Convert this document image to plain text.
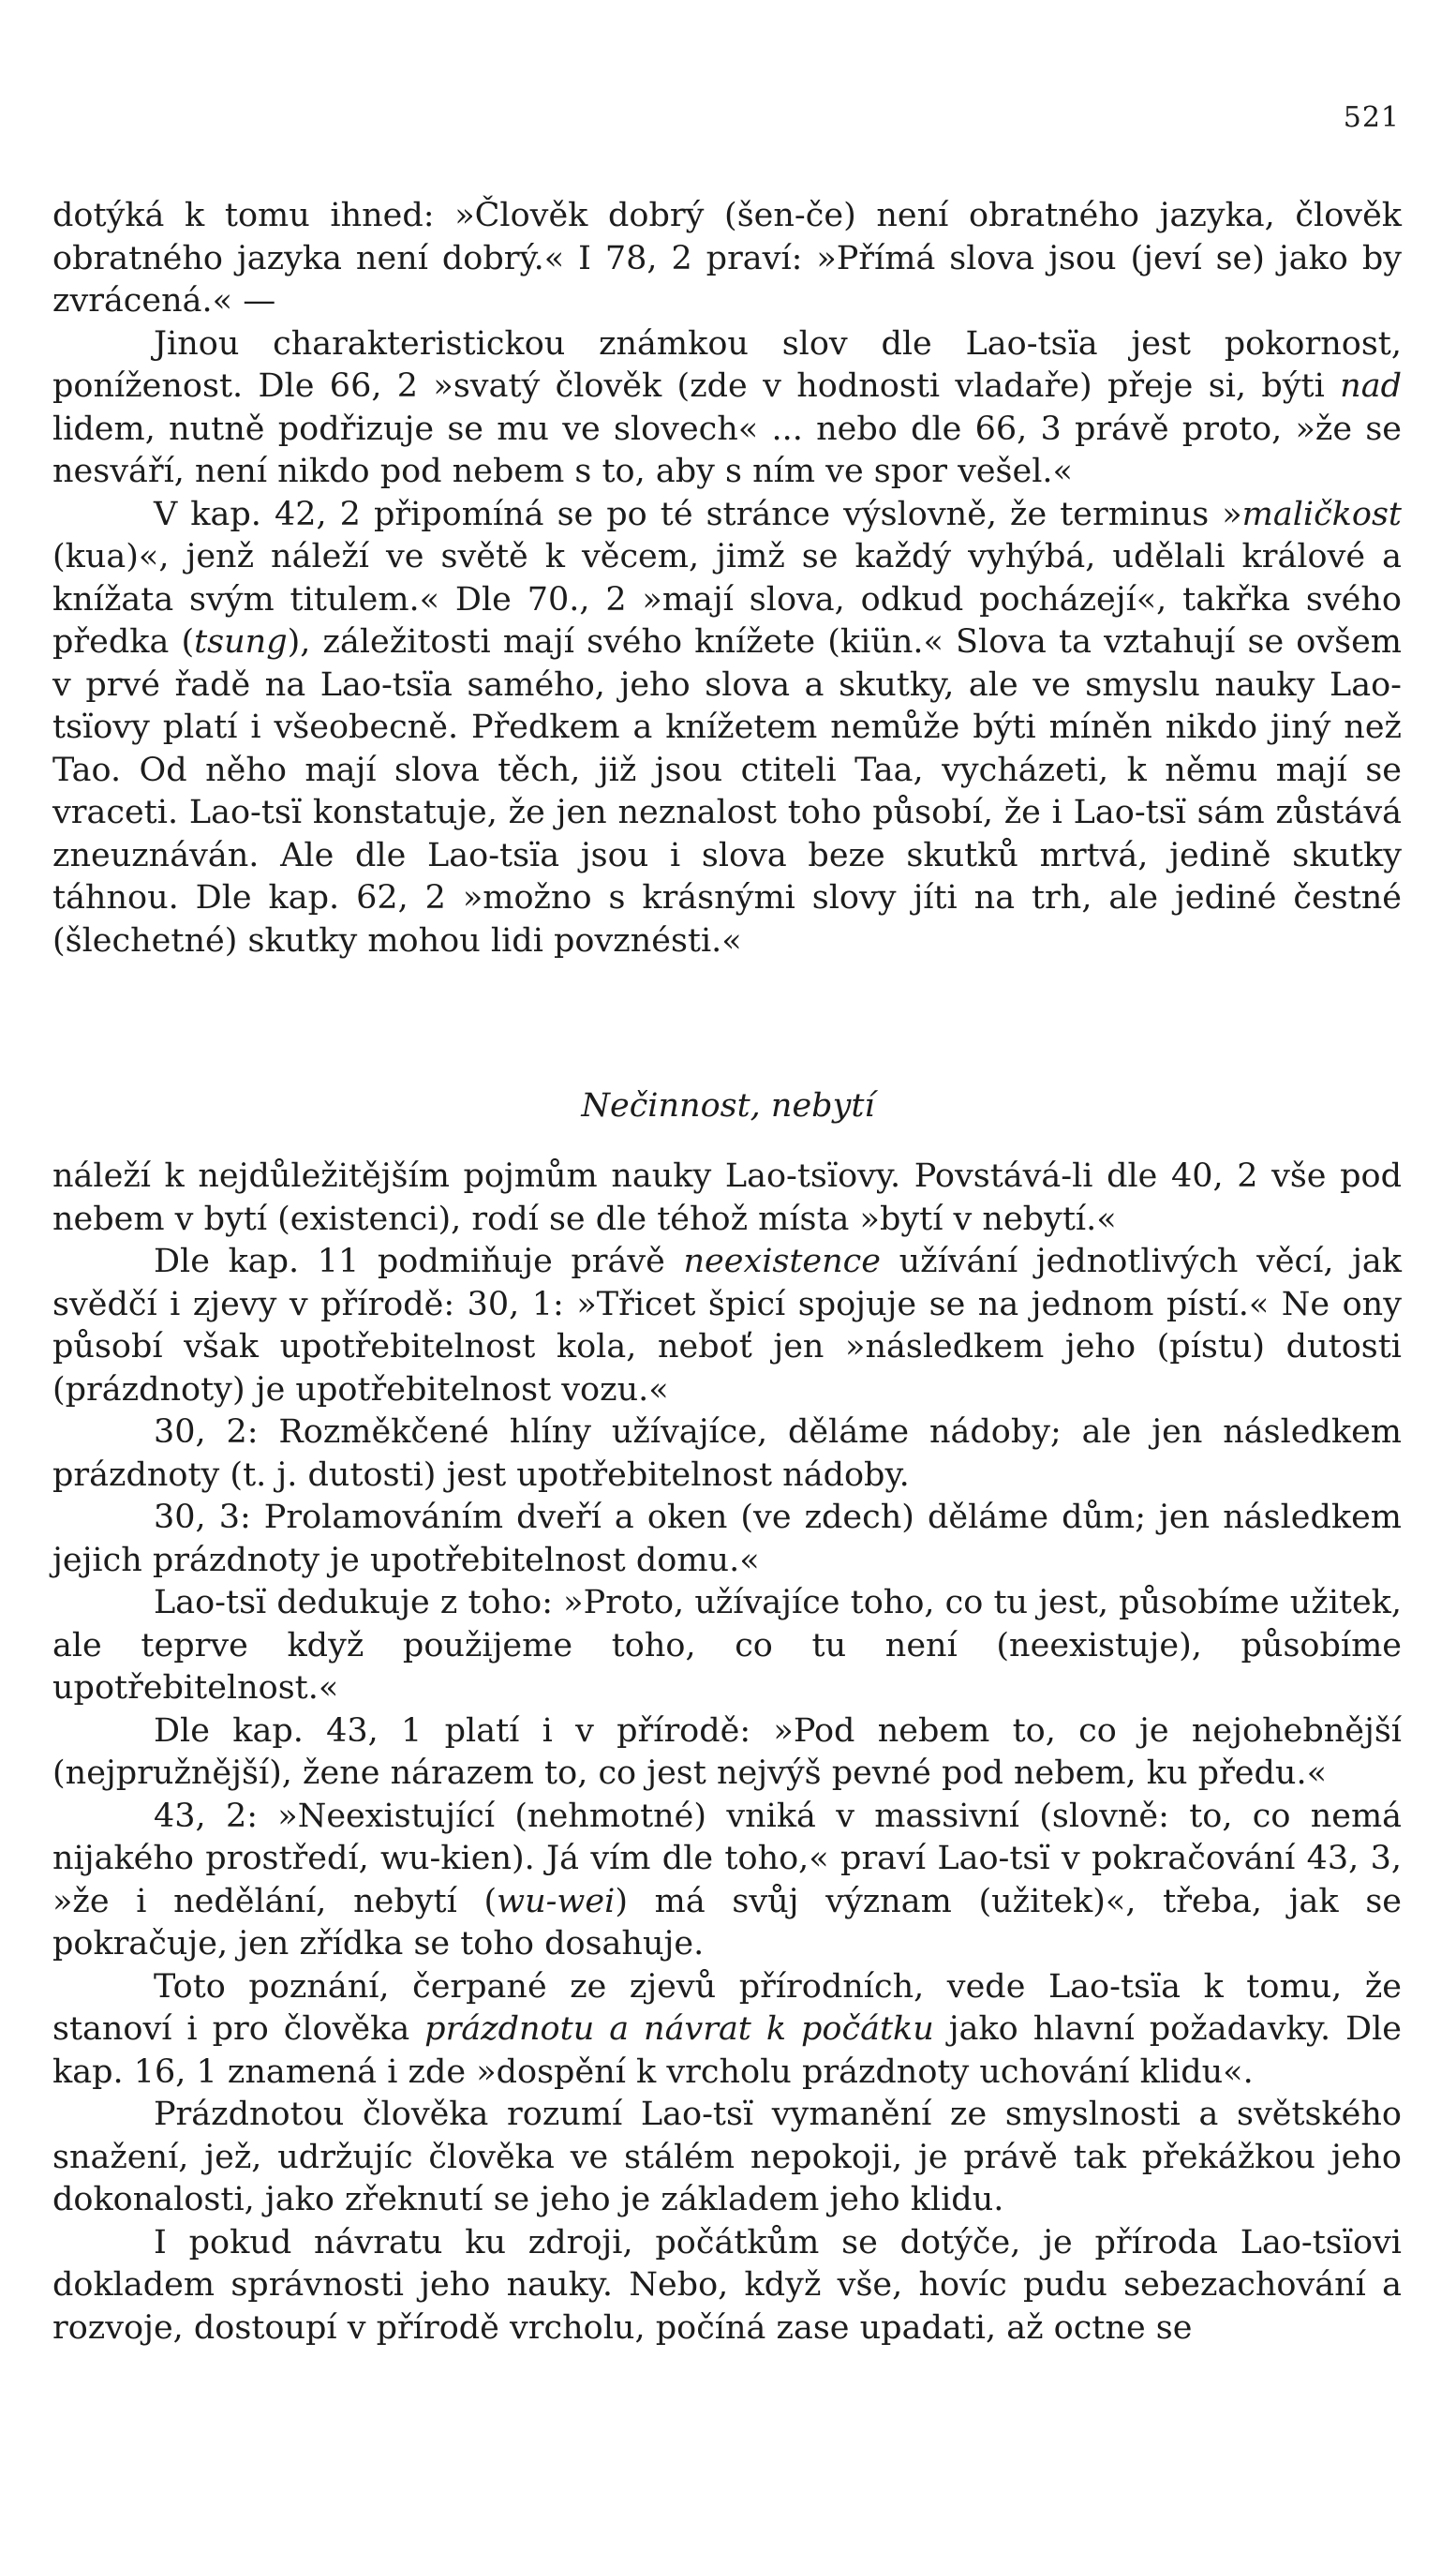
521

dotýká k tomu ihned: »Člověk dobrý (šen-če) není obratného jazyka, člověk obratného jazyka není dobrý.« I 78, 2 praví: »Přímá slova jsou (jeví se) jako by zvrácená.« —

Jinou charakteristickou známkou slov dle Lao-tsïa jest pokornost, poníženost. Dle 66, 2 »svatý člověk (zde v hodnosti vladaře) přeje si, býti nad lidem, nutně podřizuje se mu ve slovech« ... nebo dle 66, 3 právě proto, »že se nesváří, není nikdo pod nebem s to, aby s ním ve spor vešel.«

V kap. 42, 2 připomíná se po té stránce výslovně, že terminus »maličkost (kua)«, jenž náleží ve světě k věcem, jimž se každý vyhýbá, udělali králové a knížata svým titulem.« Dle 70., 2 »mají slova, odkud pocházejí«, takřka svého předka (tsung), záležitosti mají svého knížete (kiün.« Slova ta vztahují se ovšem v prvé řadě na Lao-tsïa samého, jeho slova a skutky, ale ve smyslu nauky Lao-tsïovy platí i všeobecně. Předkem a knížetem nemůže býti míněn nikdo jiný než Tao. Od něho mají slova těch, již jsou ctiteli Taa, vycházeti, k němu mají se vraceti. Lao-tsï konstatuje, že jen neznalost toho působí, že i Lao-tsï sám zůstává zneuznáván. Ale dle Lao-tsïa jsou i slova beze skutků mrtvá, jedině skutky táhnou. Dle kap. 62, 2 »možno s krásnými slovy jíti na trh, ale jediné čestné (šlechetné) skutky mohou lidi povznésti.«

Nečinnost, nebytí

náleží k nejdůležitějším pojmům nauky Lao-tsïovy. Povstává-li dle 40, 2 vše pod nebem v bytí (existenci), rodí se dle téhož místa »bytí v nebytí.«

Dle kap. 11 podmiňuje právě neexistence užívání jednotlivých věcí, jak svědčí i zjevy v přírodě: 30, 1: »Třicet špicí spojuje se na jednom pístí.« Ne ony působí však upotřebitelnost kola, neboť jen »následkem jeho (pístu) dutosti (prázdnoty) je upotřebitelnost vozu.«

30, 2: Rozměkčené hlíny užívajíce, děláme nádoby; ale jen následkem prázdnoty (t. j. dutosti) jest upotřebitelnost nádoby.

30, 3: Prolamováním dveří a oken (ve zdech) děláme dům; jen následkem jejich prázdnoty je upotřebitelnost domu.«

Lao-tsï dedukuje z toho: »Proto, užívajíce toho, co tu jest, působíme užitek, ale teprve když použijeme toho, co tu není (neexistuje), působíme upotřebitelnost.«

Dle kap. 43, 1 platí i v přírodě: »Pod nebem to, co je nejohebnější (nejpružnější), žene nárazem to, co jest nejvýš pevné pod nebem, ku předu.«

43, 2: »Neexistující (nehmotné) vniká v massivní (slovně: to, co nemá nijakého prostředí, wu-kien). Já vím dle toho,« praví Lao-tsï v pokračování 43, 3, »že i nedělání, nebytí (wu-wei) má svůj význam (užitek)«, třeba, jak se pokračuje, jen zřídka se toho dosahuje.

Toto poznání, čerpané ze zjevů přírodních, vede Lao-tsïa k tomu, že stanoví i pro člověka prázdnotu a návrat k počátku jako hlavní požadavky. Dle kap. 16, 1 znamená i zde »dospění k vrcholu prázdnoty uchování klidu«.

Prázdnotou člověka rozumí Lao-tsï vymanění ze smyslnosti a světského snažení, jež, udržujíc člověka ve stálém nepokoji, je právě tak překážkou jeho dokonalosti, jako zřeknutí se jeho je základem jeho klidu.

I pokud návratu ku zdroji, počátkům se dotýče, je příroda Lao-tsïovi dokladem správnosti jeho nauky. Nebo, když vše, hovíc pudu sebezachování a rozvoje, dostoupí v přírodě vrcholu, počíná zase upadati, až octne se
